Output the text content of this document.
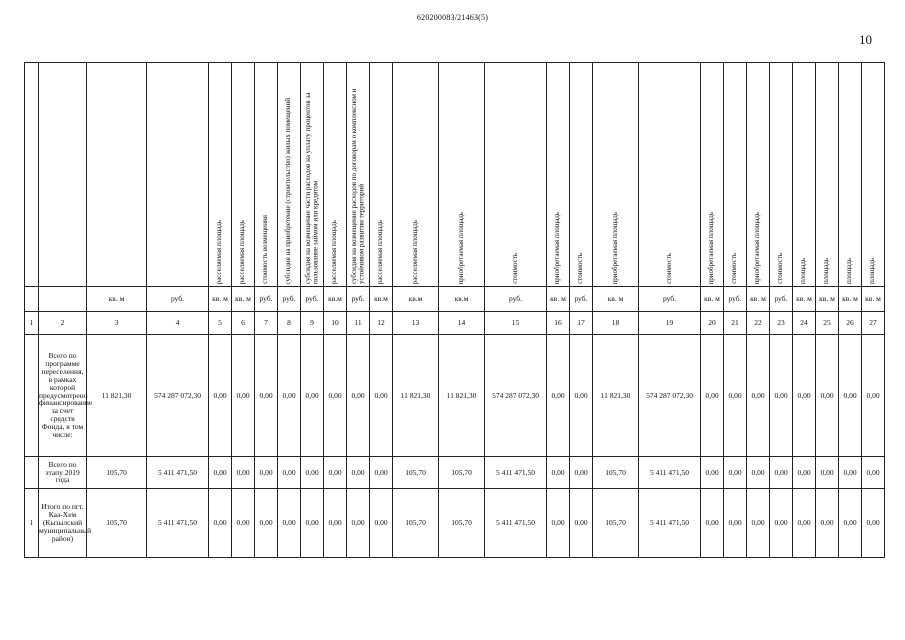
620200083/21463(5)
10
				расселяемая площадь	расселяемая площадь	стоимость возмещения	субсидия на приобретение (строительство) жилых помещений	субсидия на возмещение части расходов на уплату процентов за пользование займом или кредитом	расселяемая площадь	субсидия на возмещение расходов по договорам о комплексном и устойчивом развитии территорий	расселяемая площадь	расселяемая площадь	приобретаемая площадь	стоимость	приобретаемая площадь	стоимость	приобретаемая площадь	стоимость	приобретаемая площадь	стоимость	приобретаемая площадь	стоимость	площадь	площадь	площадь	площадь
		кв. м	руб.	кв. м	кв. м	руб.	руб.	руб.	кв.м	руб.	кв.м	кв.м	кв.м	руб.	кв. м	руб.	кв. м	руб.	кв. м	руб.	кв. м	руб.	кв. м	кв. м	кв. м	кв. м
1	2	3	4	5	6	7	8	9	10	11	12	13	14	15	16	17	18	19	20	21	22	23	24	25	26	27
	Всего по программе переселения, в рамках которой предусмотрено финансирование за счет средств Фонда, в том числе:	11 821,30	574 287 072,30	0,00	0,00	0,00	0,00	0,00	0,00	0,00	0,00	11 821,30	11 821,30	574 287 072,30	0,00	0,00	11 821,30	574 287 072,30	0,00	0,00	0,00	0,00	0,00	0,00	0,00	0,00
	Всего по этапу 2019 года	105,70	5 411 471,50	0,00	0,00	0,00	0,00	0,00	0,00	0,00	0,00	105,70	105,70	5 411 471,50	0,00	0,00	105,70	5 411 471,50	0,00	0,00	0,00	0,00	0,00	0,00	0,00	0,00
1	Итого по пгт. Каа-Хем (Кызылский муниципальный район)	105,70	5 411 471,50	0,00	0,00	0,00	0,00	0,00	0,00	0,00	0,00	105,70	105,70	5 411 471,50	0,00	0,00	105,70	5 411 471,50	0,00	0,00	0,00	0,00	0,00	0,00	0,00	0,00
